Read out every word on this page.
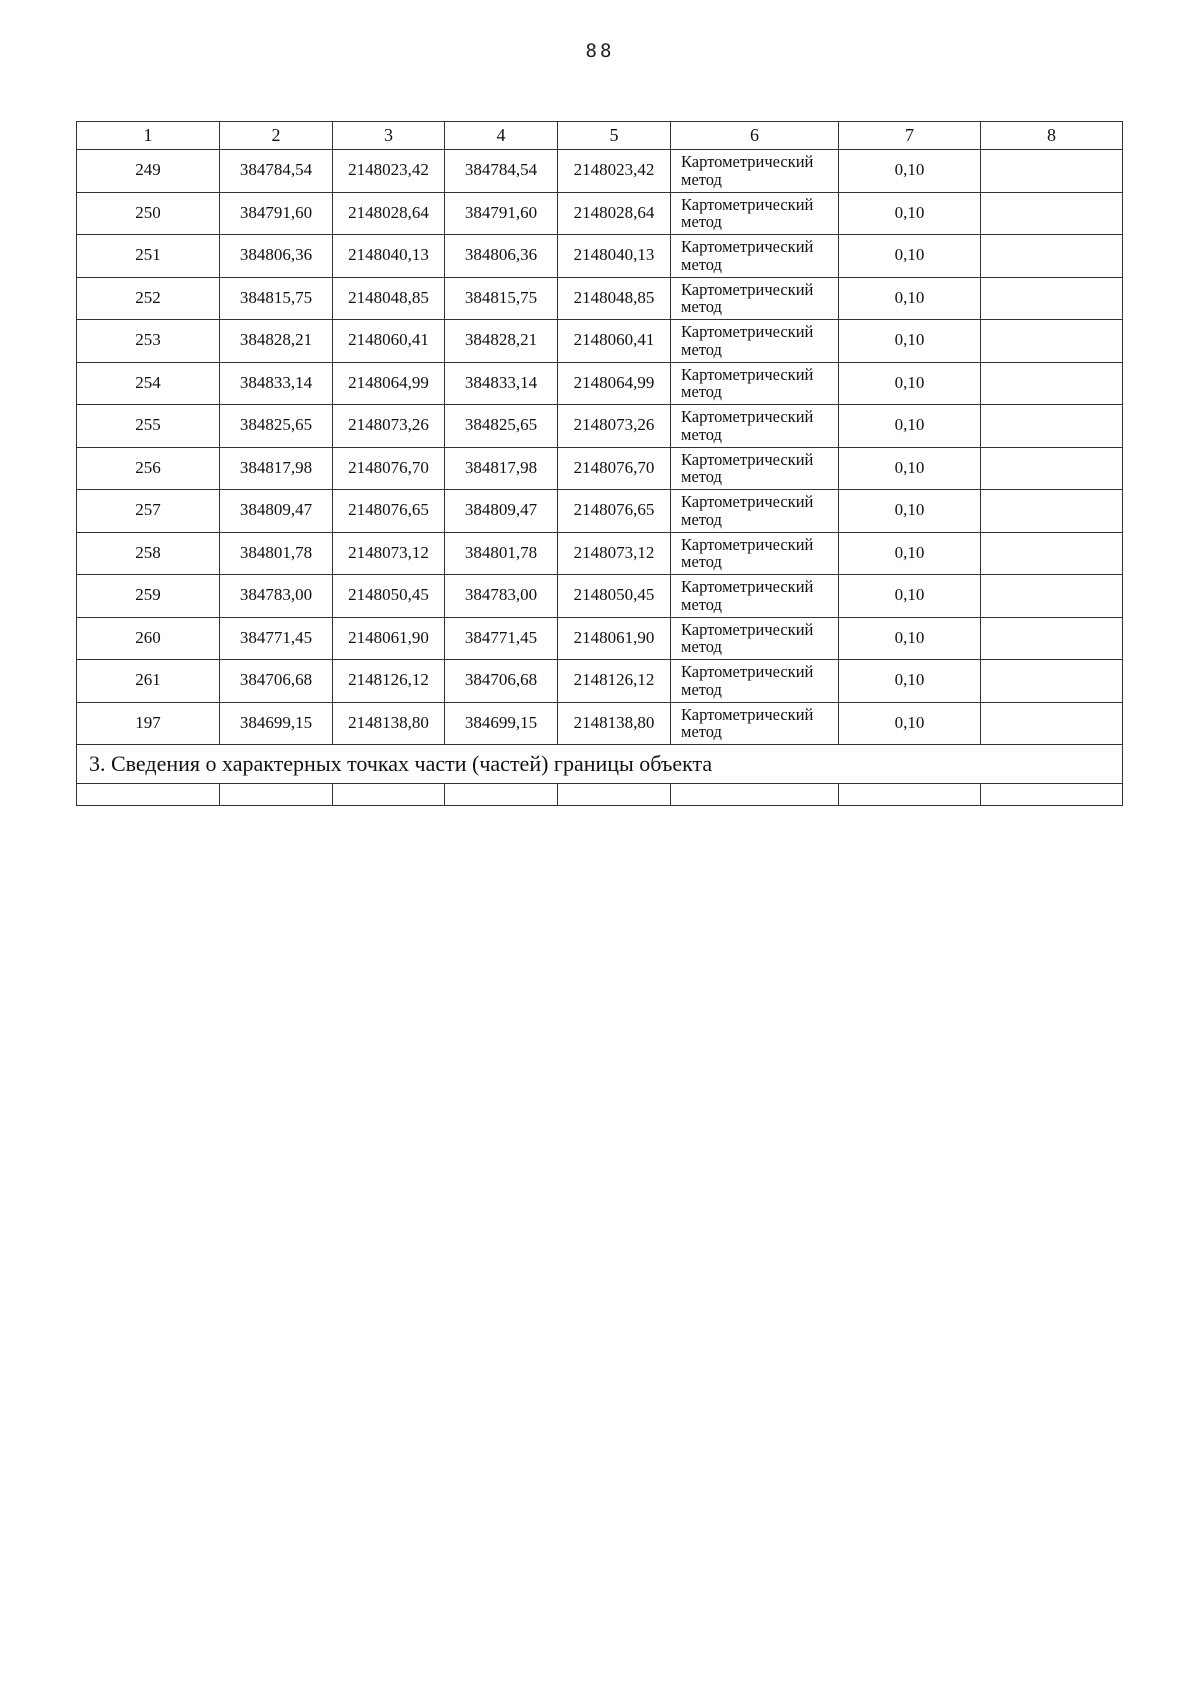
88
1	2	3	4	5	6	7	8
249	384784,54	2148023,42	384784,54	2148023,42	Картометрический
метод	0,10	
250	384791,60	2148028,64	384791,60	2148028,64	Картометрический
метод	0,10	
251	384806,36	2148040,13	384806,36	2148040,13	Картометрический
метод	0,10	
252	384815,75	2148048,85	384815,75	2148048,85	Картометрический
метод	0,10	
253	384828,21	2148060,41	384828,21	2148060,41	Картометрический
метод	0,10	
254	384833,14	2148064,99	384833,14	2148064,99	Картометрический
метод	0,10	
255	384825,65	2148073,26	384825,65	2148073,26	Картометрический
метод	0,10	
256	384817,98	2148076,70	384817,98	2148076,70	Картометрический
метод	0,10	
257	384809,47	2148076,65	384809,47	2148076,65	Картометрический
метод	0,10	
258	384801,78	2148073,12	384801,78	2148073,12	Картометрический
метод	0,10	
259	384783,00	2148050,45	384783,00	2148050,45	Картометрический
метод	0,10	
260	384771,45	2148061,90	384771,45	2148061,90	Картометрический
метод	0,10	
261	384706,68	2148126,12	384706,68	2148126,12	Картометрический
метод	0,10	
197	384699,15	2148138,80	384699,15	2148138,80	Картометрический
метод	0,10	
3. Сведения о характерных точках части (частей) границы объекта							
